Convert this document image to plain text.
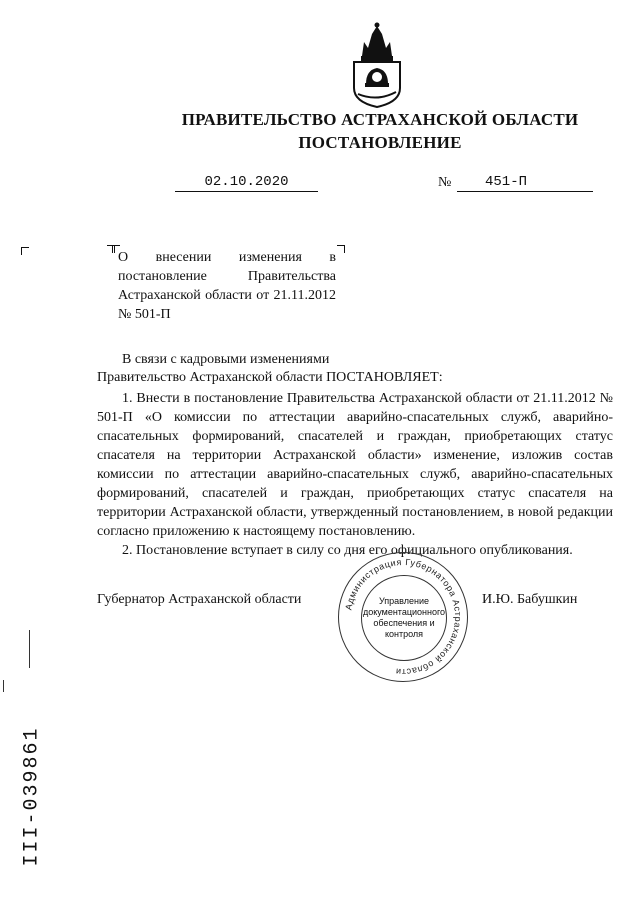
ПРАВИТЕЛЬСТВО АСТРАХАНСКОЙ ОБЛАСТИ
ПОСТАНОВЛЕНИЕ
02.10.2020	№	451-П
О внесении изменения в постановление Правительства Астраханской области от 21.11.2012 № 501-П
В связи с кадровыми изменениями
Правительство Астраханской области ПОСТАНОВЛЯЕТ:

1. Внести в постановление Правительства Астраханской области от 21.11.2012 № 501-П «О комиссии по аттестации аварийно-спасательных служб, аварийно-спасательных формирований, спасателей и граждан, приобретающих статус спасателя на территории Астраханской области» изменение, изложив состав комиссии по аттестации аварийно-спасательных служб, аварийно-спасательных формирований, спасателей и граждан, приобретающих статус спасателя на территории Астраханской области, утвержденный постановлением, в новой редакции согласно приложению к настоящему постановлению.

2. Постановление вступает в силу со дня его официального опубликования.

Губернатор Астраханской области	И.Ю. Бабушкин
Администрация Губернатора Астраханской области
Управление документационного обеспечения и контроля
III-039861
